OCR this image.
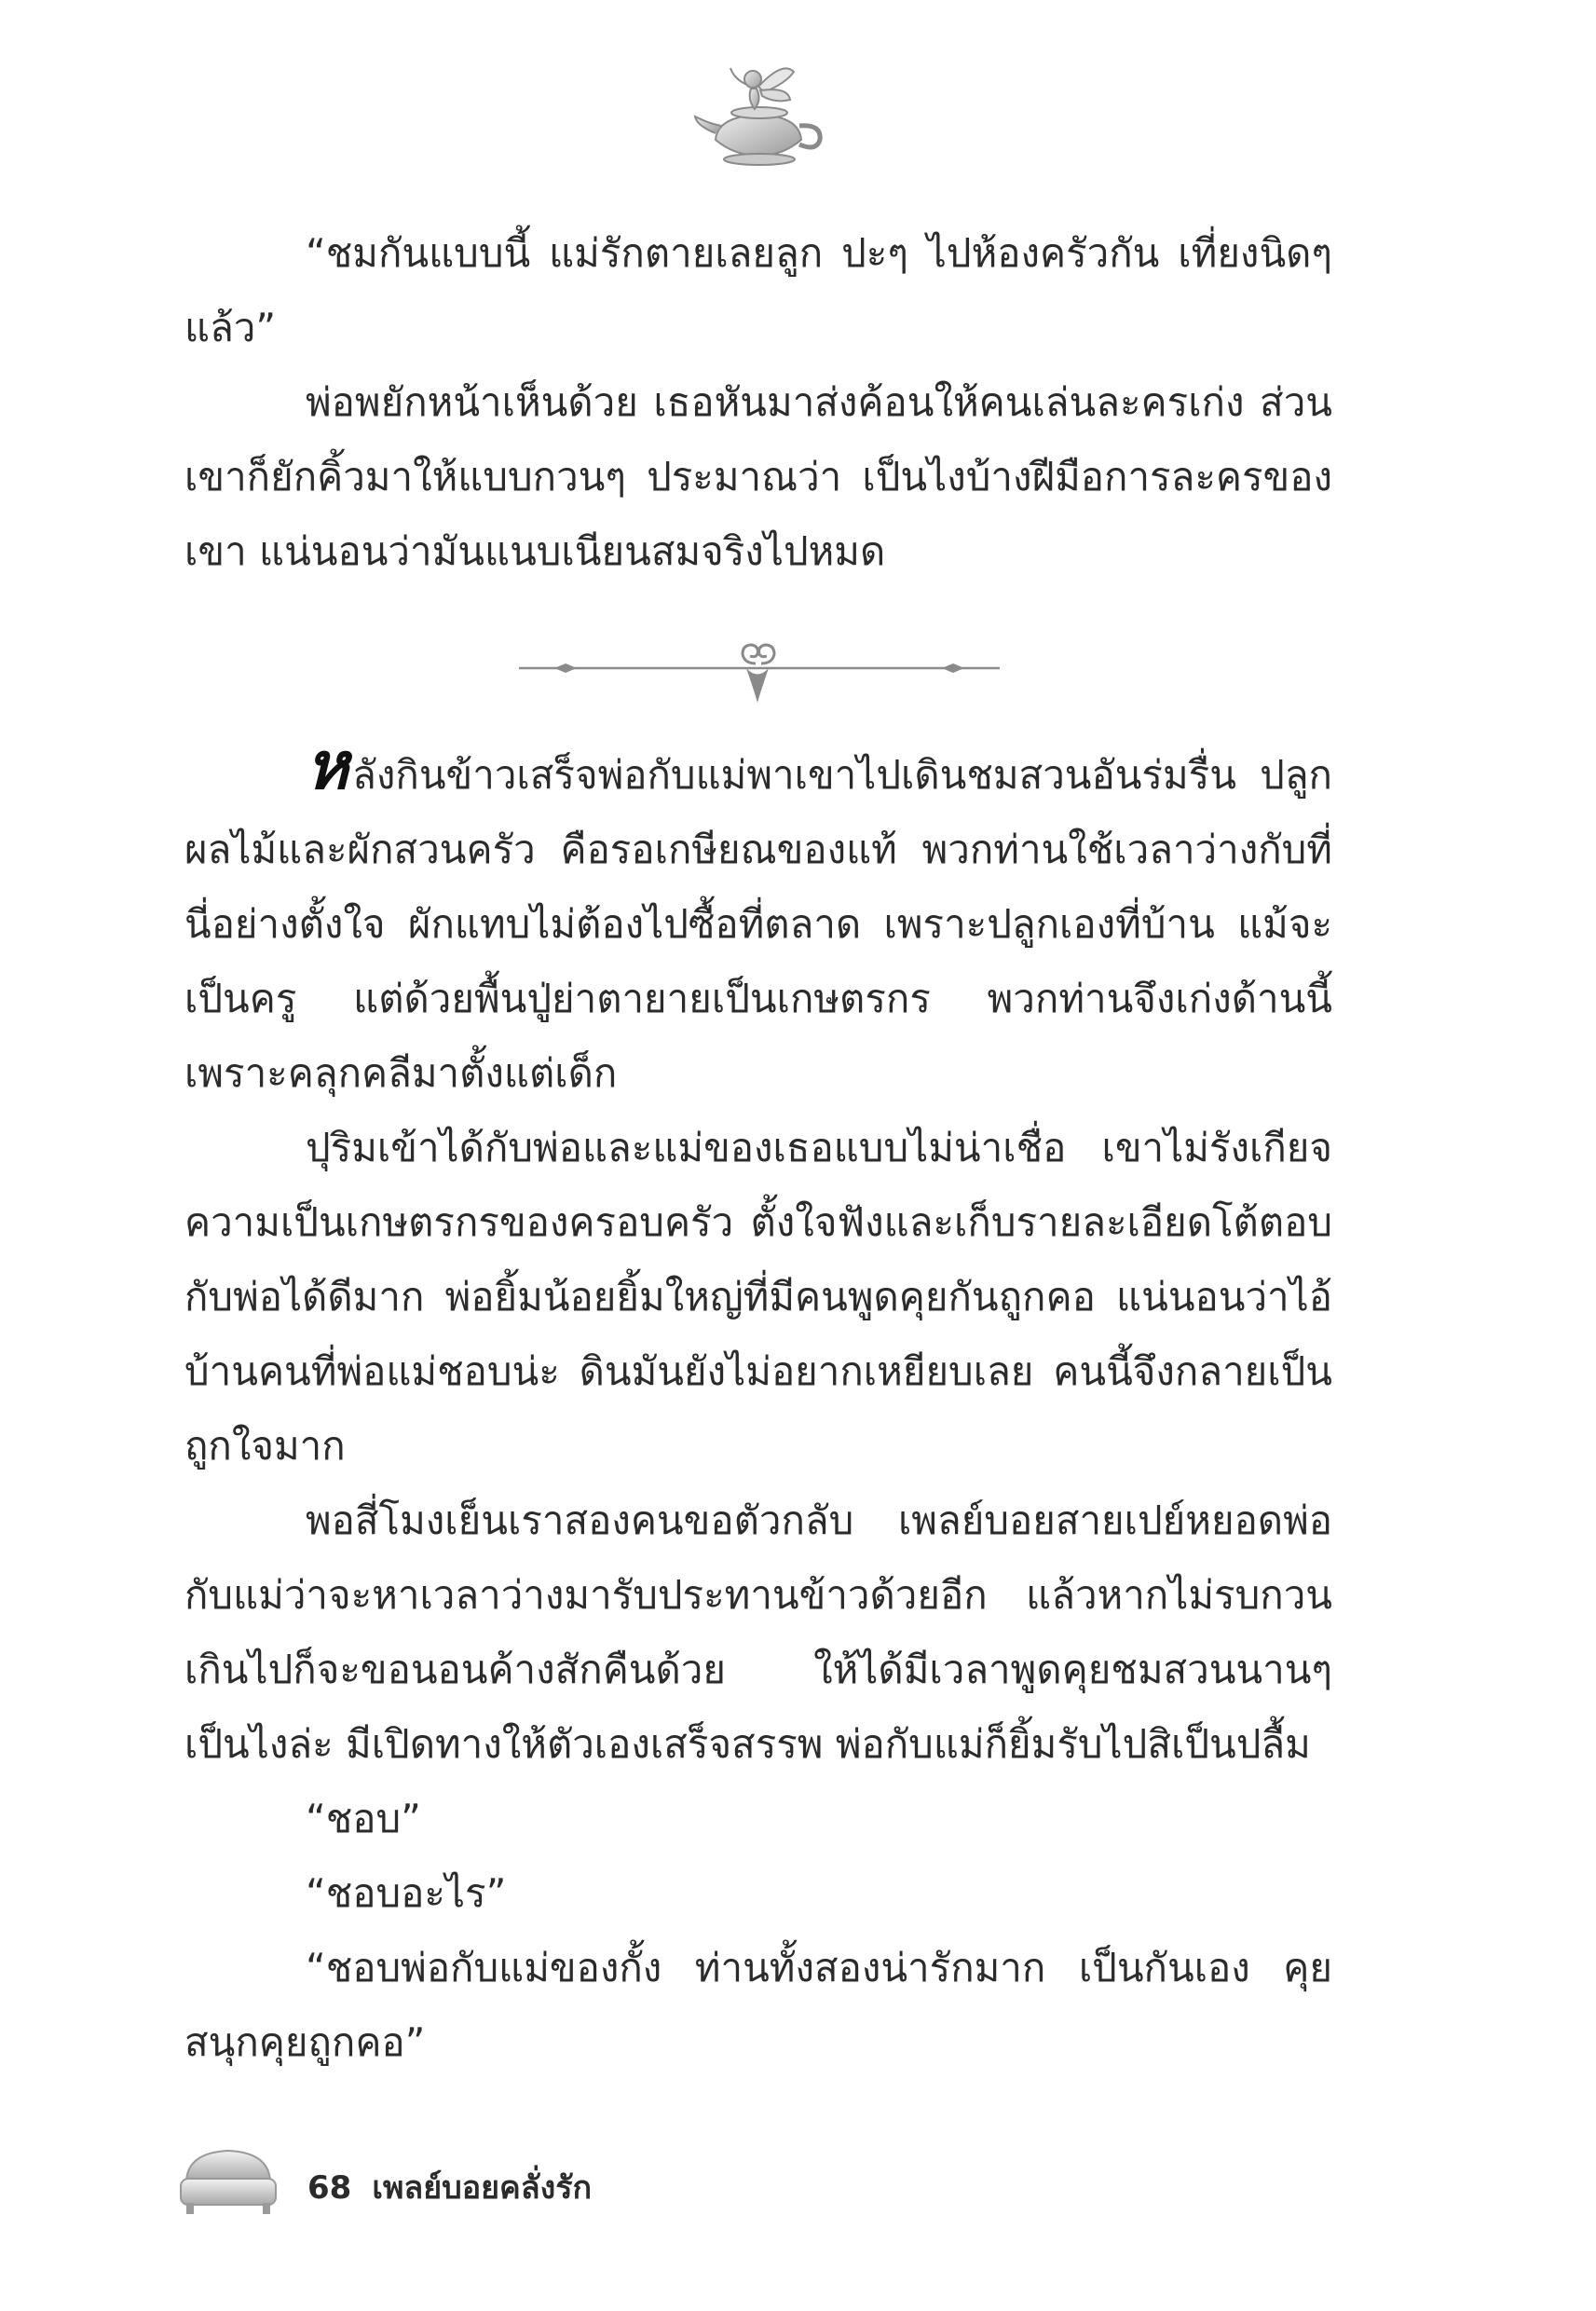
“ชมกันแบบนี้ แม่รักตายเลยลูก ปะๆ ไปห้องครัวกัน เที่ยงนิดๆ แล้ว”

พ่อพยักหน้าเห็นด้วย เธอหันมาส่งค้อนให้คนเล่นละครเก่ง ส่วนเขาก็ยักคิ้วมาให้แบบกวนๆ ประมาณว่า เป็นไงบ้างฝีมือการละครของเขา แน่นอนว่ามันแนบเนียนสมจริงไปหมด

หลังกินข้าวเสร็จพ่อกับแม่พาเขาไปเดินชมสวนอันร่มรื่น ปลูกผลไม้และผักสวนครัว คือรอเกษียณของแท้ พวกท่านใช้เวลาว่างกับที่นี่อย่างตั้งใจ ผักแทบไม่ต้องไปซื้อที่ตลาด เพราะปลูกเองที่บ้าน แม้จะเป็นครู แต่ด้วยพื้นปู่ย่าตายายเป็นเกษตรกร พวกท่านจึงเก่งด้านนี้ เพราะคลุกคลีมาตั้งแต่เด็ก

ปุริมเข้าได้กับพ่อและแม่ของเธอแบบไม่น่าเชื่อ เขาไม่รังเกียจความเป็นเกษตรกรของครอบครัว ตั้งใจฟังและเก็บรายละเอียดโต้ตอบกับพ่อได้ดีมาก พ่อยิ้มน้อยยิ้มใหญ่ที่มีคนพูดคุยกันถูกคอ แน่นอนว่าไอ้บ้านคนที่พ่อแม่ชอบน่ะ ดินมันยังไม่อยากเหยียบเลย คนนี้จึงกลายเป็นถูกใจมาก

พอสี่โมงเย็นเราสองคนขอตัวกลับ เพลย์บอยสายเปย์หยอดพ่อกับแม่ว่าจะหาเวลาว่างมารับประทานข้าวด้วยอีก แล้วหากไม่รบกวนเกินไปก็จะขอนอนค้างสักคืนด้วย ให้ได้มีเวลาพูดคุยชมสวนนานๆ เป็นไงล่ะ มีเปิดทางให้ตัวเองเสร็จสรรพ พ่อกับแม่ก็ยิ้มรับไปสิเป็นปลื้ม

“ชอบ”

“ชอบอะไร”

“ชอบพ่อกับแม่ของกั้ง ท่านทั้งสองน่ารักมาก เป็นกันเอง คุยสนุกคุยถูกคอ”

68 เพลย์บอยคลั่งรัก
